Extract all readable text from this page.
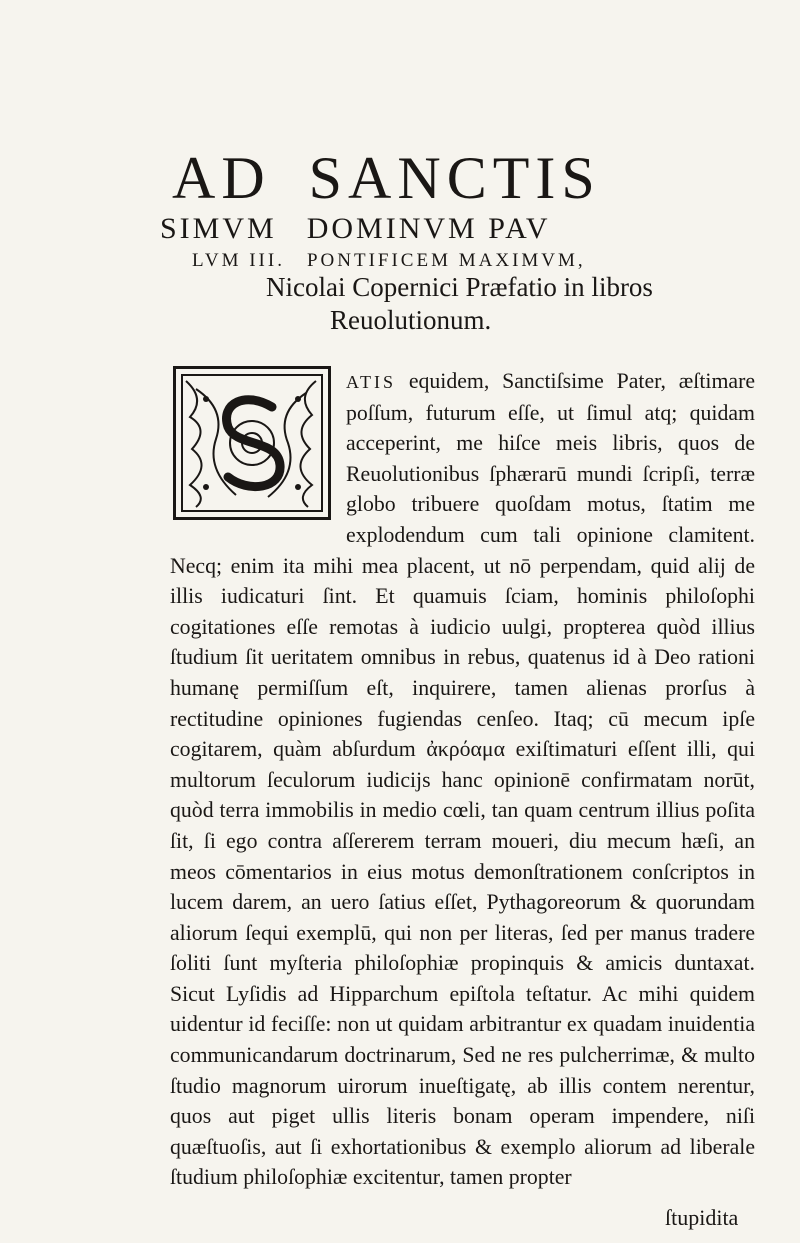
AD SANCTIS
SIMVM DOMINVM PAV
LVM III. PONTIFICEM MAXIMVM,
Nicolai Copernici Præfatio in libros
Reuolutionum.
ATIS equidem, Sanctiſsime Pater, æſtimare poſſum, futurum eſſe, ut ſimul atq; quidam acceperint, me hiſce meis libris, quos de Reuolutionibus ſphærarū mundi ſcripſi, terræ globo tribuere quoſdam motus, ſtatim me explodendum cum tali opinione clamitent. Necq; enim ita mihi mea placent, ut nō perpendam, quid alij de illis iudicaturi ſint. Et quamuis ſciam, hominis philoſophi cogitationes eſſe remotas à iudicio uulgi, propterea quòd illius ſtudium ſit ueritatem omnibus in rebus, quatenus id à Deo rationi humanę permiſſum eſt, inquirere, tamen alienas prorſus à rectitudine opiniones fugiendas cenſeo. Itaq; cū mecum ipſe cogitarem, quàm abſurdum ἀκρόαμα exiſtimaturi eſſent illi, qui multorum ſeculorum iudicijs hanc opinionē confirmatam norūt, quòd terra immobilis in medio cœli, tan quam centrum illius poſita ſit, ſi ego contra aſſererem terram moueri, diu mecum hæſi, an meos cōmentarios in eius motus demonſtrationem conſcriptos in lucem darem, an uero ſatius eſſet, Pythagoreorum & quorundam aliorum ſequi exemplū, qui non per literas, ſed per manus tradere ſoliti ſunt myſteria philoſophiæ propinquis & amicis duntaxat. Sicut Lyſidis ad Hipparchum epiſtola teſtatur. Ac mihi quidem uidentur id feciſſe: non ut quidam arbitrantur ex quadam inuidentia communicandarum doctrinarum, Sed ne res pulcherrimæ, & multo ſtudio magnorum uirorum inueſtigatę, ab illis contem nerentur, quos aut piget ullis literis bonam operam impendere, niſi quæſtuoſis, aut ſi exhortationibus & exemplo aliorum ad liberale ſtudium philoſophiæ excitentur, tamen propter
ſtupidita
